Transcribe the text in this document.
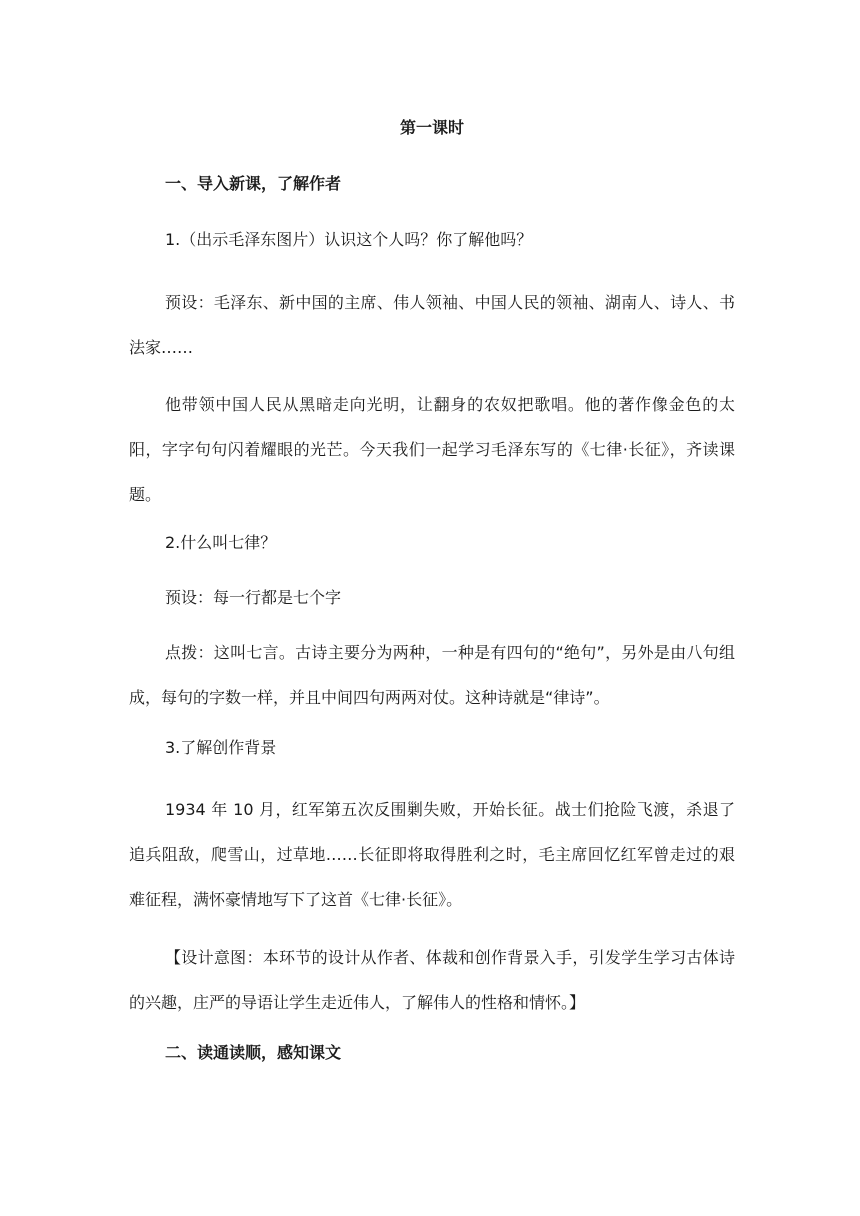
第一课时
一、导入新课，了解作者
1.（出示毛泽东图片）认识这个人吗？你了解他吗？
预设：毛泽东、新中国的主席、伟人领袖、中国人民的领袖、湖南人、诗人、书法家……
他带领中国人民从黑暗走向光明，让翻身的农奴把歌唱。他的著作像金色的太阳，字字句句闪着耀眼的光芒。今天我们一起学习毛泽东写的《七律·长征》，齐读课题。
2.什么叫七律？
预设：每一行都是七个字
点拨：这叫七言。古诗主要分为两种，一种是有四句的“绝句”，另外是由八句组成，每句的字数一样，并且中间四句两两对仗。这种诗就是“律诗”。
3.了解创作背景
1934 年 10 月，红军第五次反围剿失败，开始长征。战士们抢险飞渡，杀退了追兵阻敌，爬雪山，过草地……长征即将取得胜利之时，毛主席回忆红军曾走过的艰难征程，满怀豪情地写下了这首《七律·长征》。
【设计意图：本环节的设计从作者、体裁和创作背景入手，引发学生学习古体诗的兴趣，庄严的导语让学生走近伟人，了解伟人的性格和情怀。】
二、读通读顺，感知课文
